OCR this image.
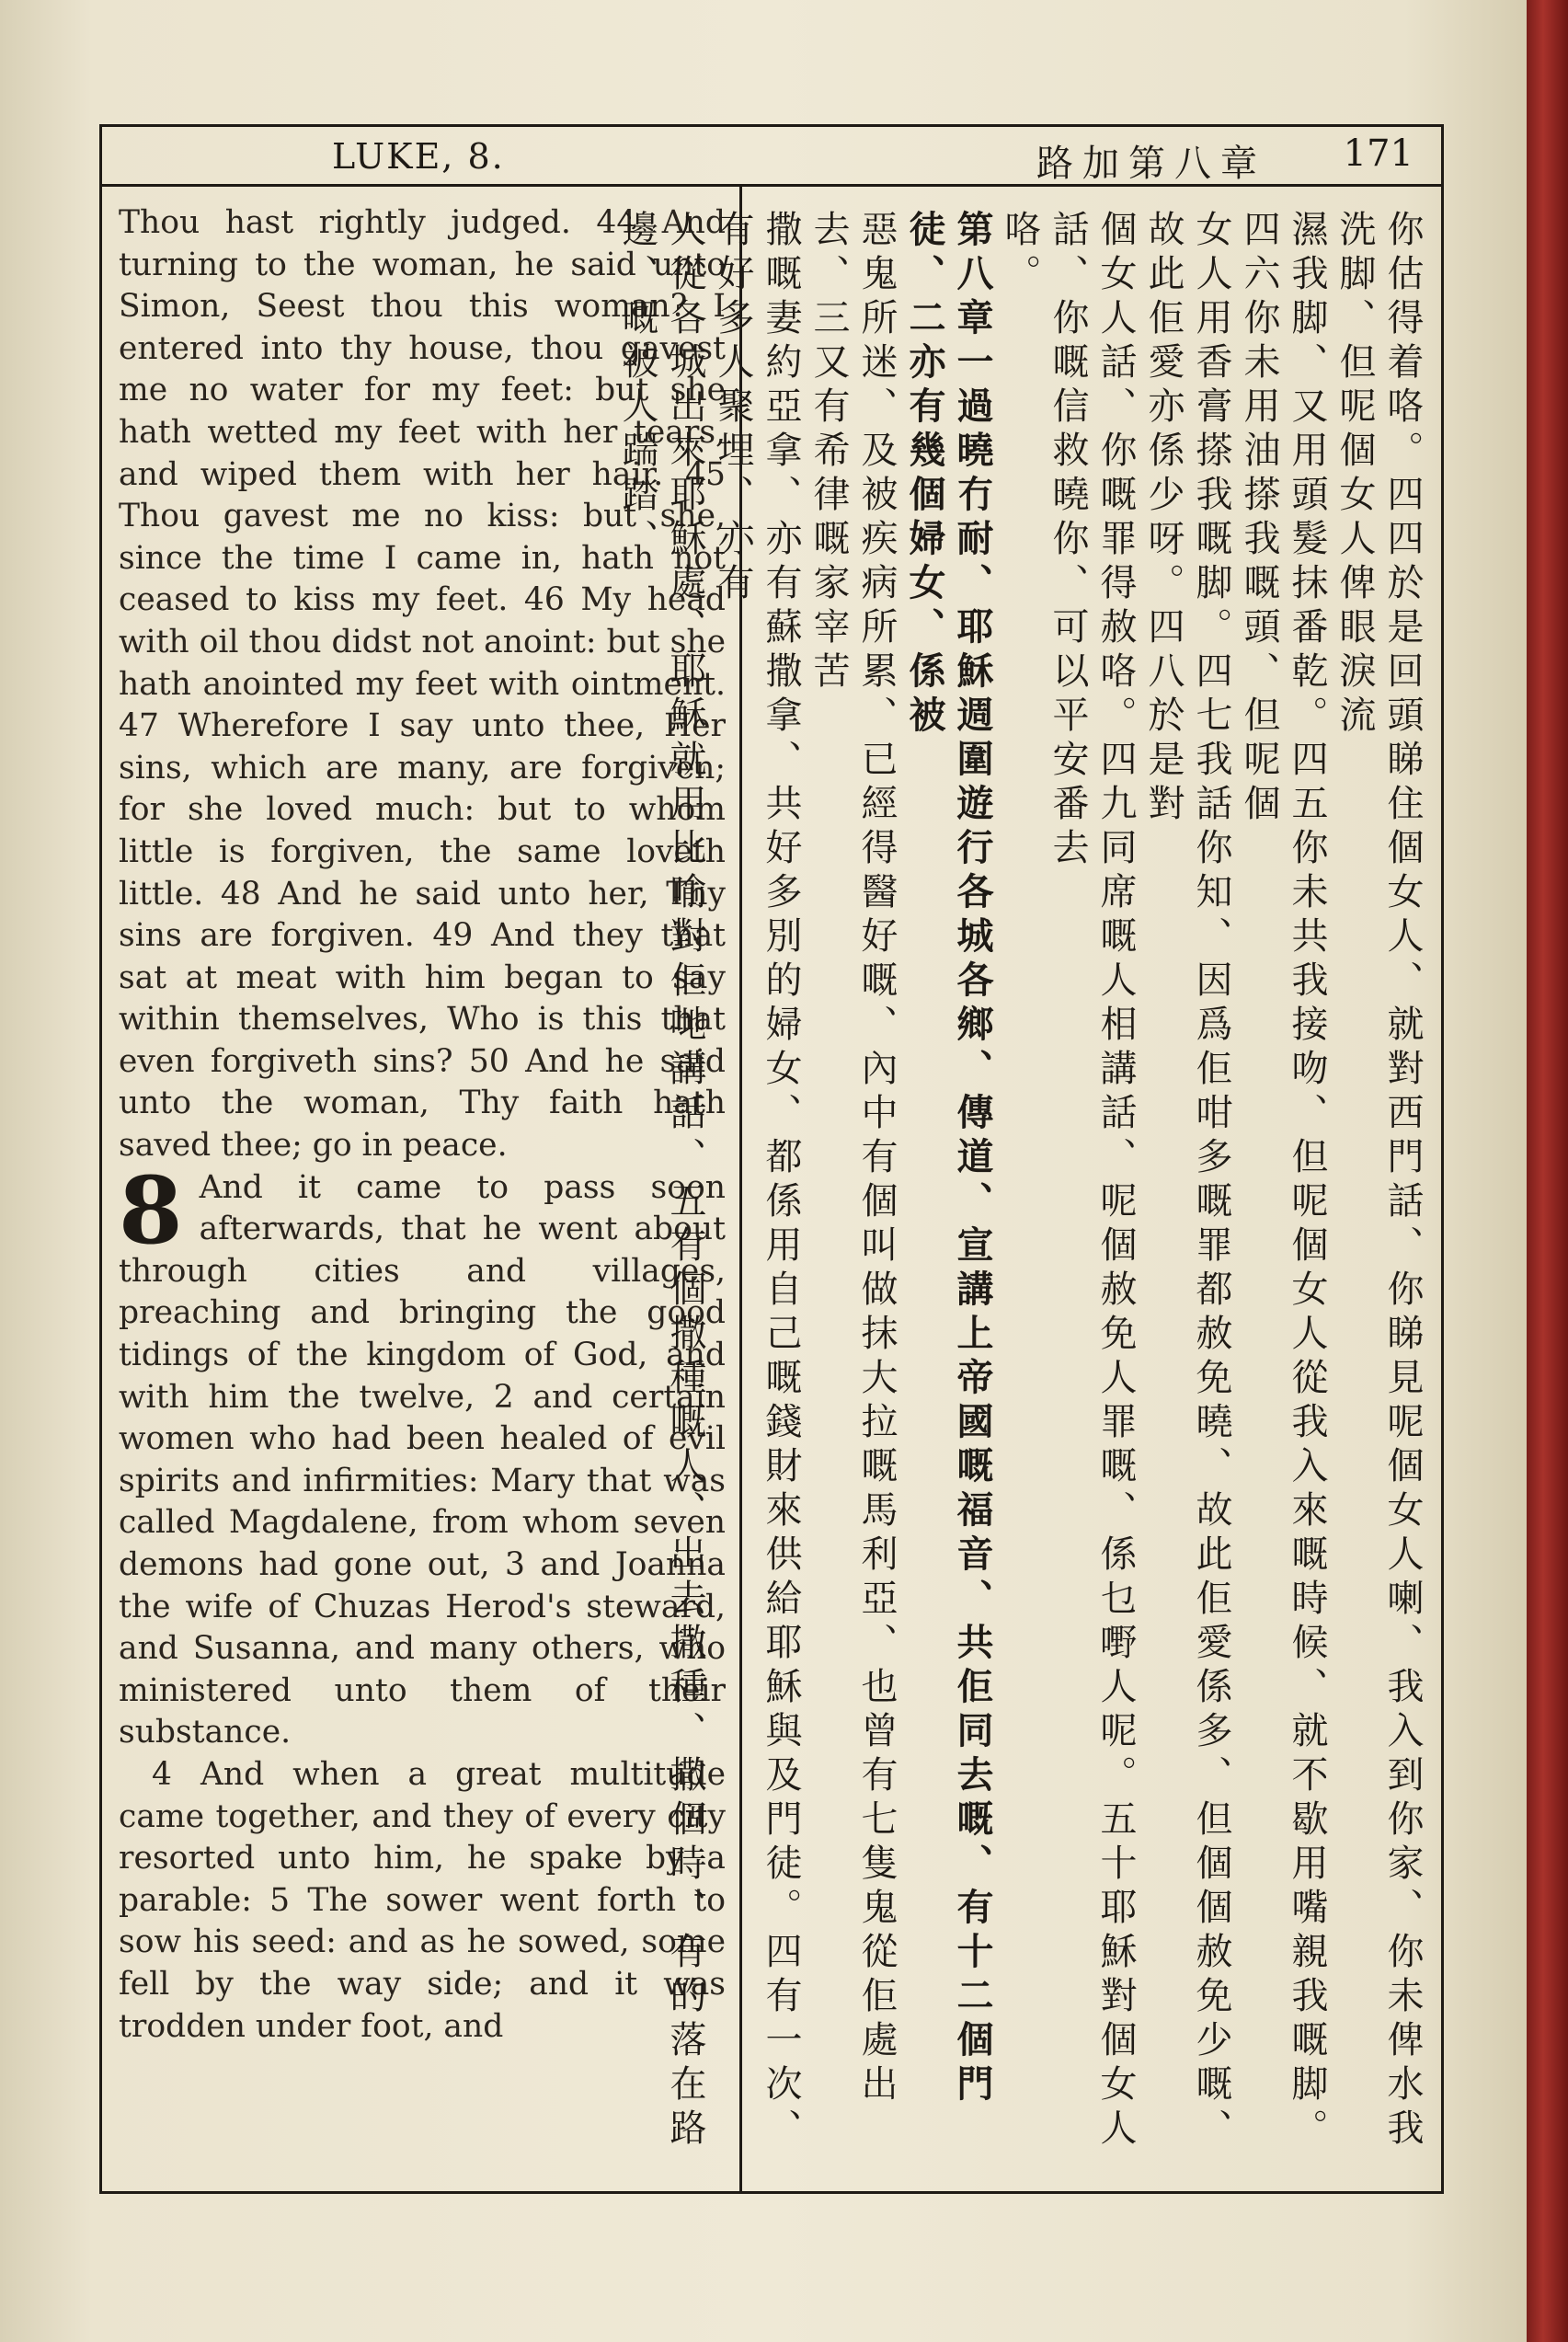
LUKE, 8.	路加第八章 171

Thou hast rightly judged. 44 And turning to the woman, he said unto Simon, Seest thou this woman? I entered into thy house, thou gavest me no water for my feet: but she hath wetted my feet with her tears, and wiped them with her hair. 45 Thou gavest me no kiss: but she, since the time I came in, hath not ceased to kiss my feet. 46 My head with oil thou didst not anoint: but she hath anointed my feet with ointment. 47 Wherefore I say unto thee, Her sins, which are many, are forgiven; for she loved much: but to whom little is forgiven, the same loveth little. 48 And he said unto her, Thy sins are forgiven. 49 And they that sat at meat with him began to say within themselves, Who is this that even forgiveth sins? 50 And he said unto the woman, Thy faith hath saved thee; go in peace.

8 And it came to pass soon afterwards, that he went about through cities and villages, preaching and bringing the good tidings of the kingdom of God, and with him the twelve, 2 and certain women who had been healed of evil spirits and infirmities: Mary that was called Magdalene, from whom seven demons had gone out, 3 and Joanna the wife of Chuzas Herod's steward, and Susanna, and many others, who ministered unto them of their substance.

4 And when a great multitude came together, and they of every city resorted unto him, he spake by a parable: 5 The sower went forth to sow his seed: and as he sowed, some fell by the way side; and it was trodden under foot, and	你估得着咯。四四於是回頭睇住個女人、就對西門話、你睇見呢個女人喇、我入到你家、你未俾水我洗脚、但呢個女人俾眼淚流
濕我脚、又用頭髮抹番乾。四五你未共我接吻、但呢個女人從我入來嘅時候、就不歇用嘴親我嘅脚。四六你未用油搽我嘅頭、但呢個
女人用香膏搽我嘅脚。四七我話你知、因爲佢咁多嘅罪都赦免曉、故此佢愛係多、但個個赦免少嘅、故此佢愛亦係少呀。四八於是對
個女人話、你嘅罪得赦咯。四九同席嘅人相講話、呢個赦免人罪嘅、係乜嘢人呢。五十耶穌對個女人話、你嘅信救曉你、可以平安番去
咯。
第八章一過曉冇耐、耶穌週圍遊行各城各鄉、傳道、宣講上帝國嘅福音、共佢同去嘅、有十二個門徒、二亦有幾個婦女、係被
惡鬼所迷、及被疾病所累、已經得醫好嘅、內中有個叫做抹大拉嘅馬利亞、也曾有七隻鬼從佢處出去、三又有希律嘅家宰苦
撒嘅妻約亞拿、亦有蘇撒拿、共好多別的婦女、都係用自己嘅錢財來供給耶穌與及門徒。四有一次、有好多人聚埋、亦有
人從各城出來耶穌處、耶穌就用比喻對佢哋講話、五有個撒種嘅人、出去撒種、撒個時、有的落在路邊、嘅被人踹踏、
